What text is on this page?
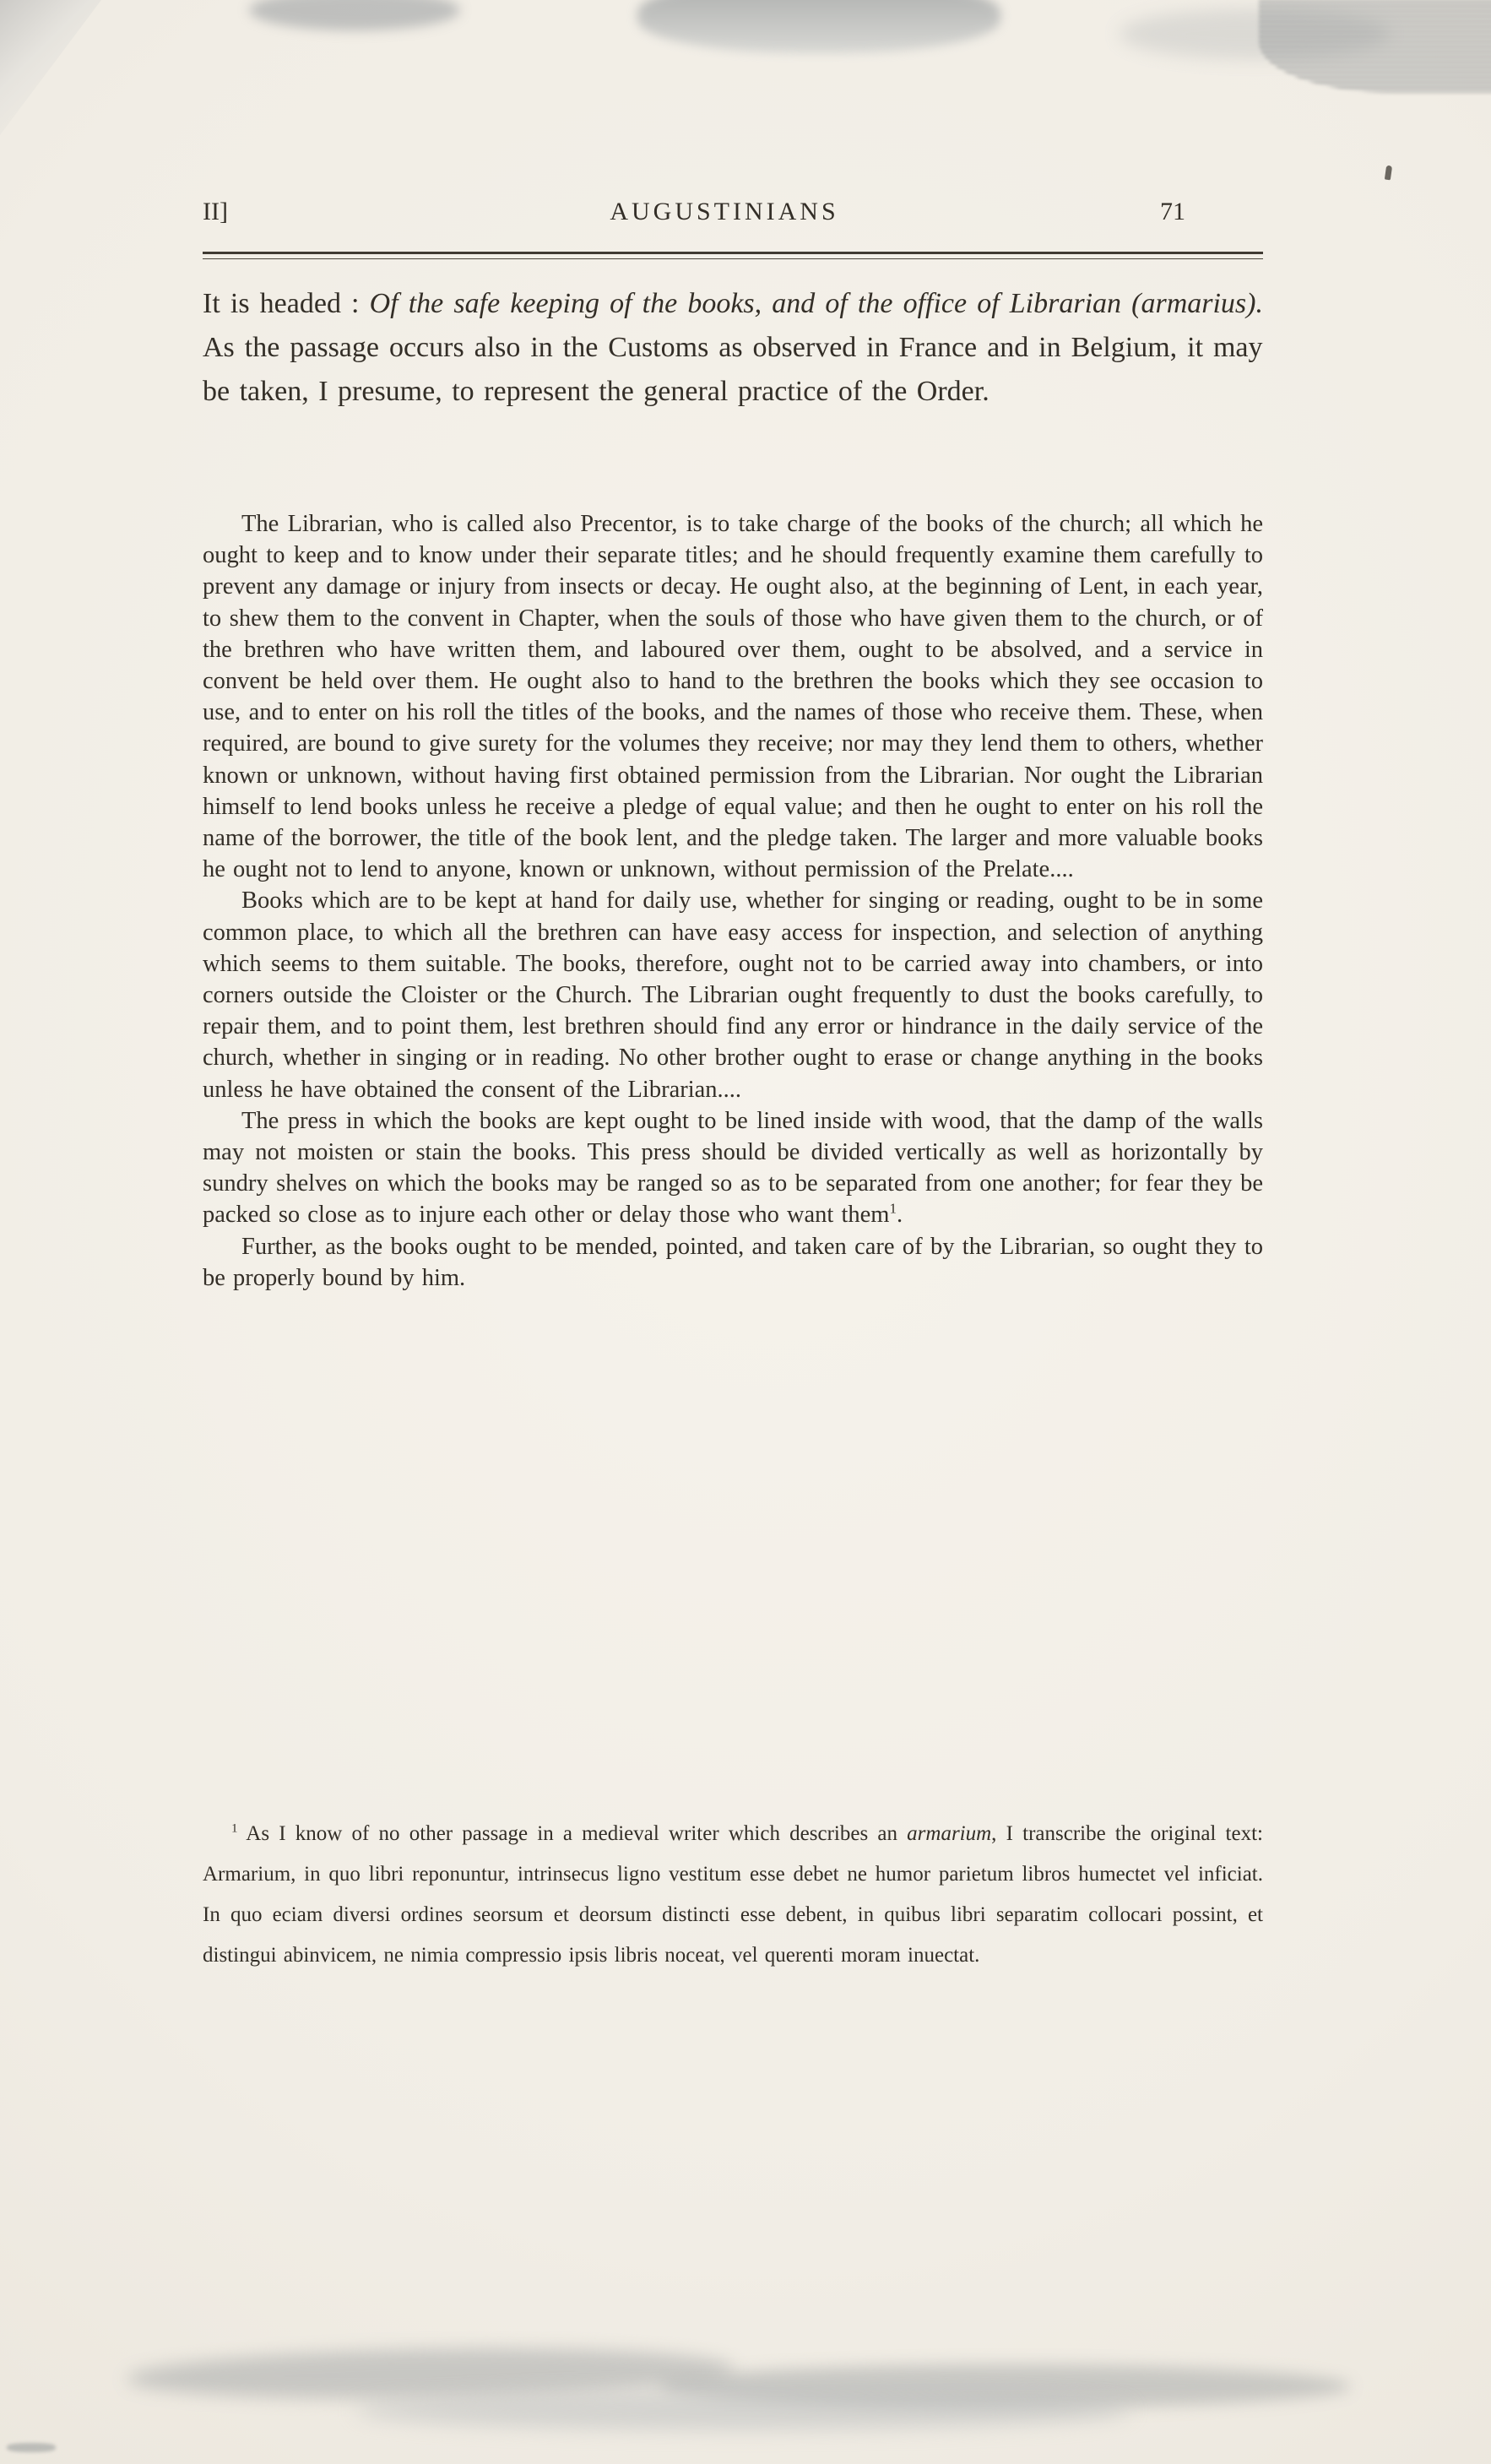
II]	AUGUSTINIANS	71

It is headed : Of the safe keeping of the books, and of the office of Librarian (armarius). As the passage occurs also in the Customs as observed in France and in Belgium, it may be taken, I presume, to represent the general practice of the Order.

The Librarian, who is called also Precentor, is to take charge of the books of the church; all which he ought to keep and to know under their separate titles; and he should frequently examine them carefully to prevent any damage or injury from insects or decay. He ought also, at the beginning of Lent, in each year, to shew them to the convent in Chapter, when the souls of those who have given them to the church, or of the brethren who have written them, and laboured over them, ought to be absolved, and a service in convent be held over them. He ought also to hand to the brethren the books which they see occasion to use, and to enter on his roll the titles of the books, and the names of those who receive them. These, when required, are bound to give surety for the volumes they receive; nor may they lend them to others, whether known or unknown, without having first obtained permission from the Librarian. Nor ought the Librarian himself to lend books unless he receive a pledge of equal value; and then he ought to enter on his roll the name of the borrower, the title of the book lent, and the pledge taken. The larger and more valuable books he ought not to lend to anyone, known or unknown, without permission of the Prelate....

Books which are to be kept at hand for daily use, whether for singing or reading, ought to be in some common place, to which all the brethren can have easy access for inspection, and selection of anything which seems to them suitable. The books, therefore, ought not to be carried away into chambers, or into corners outside the Cloister or the Church. The Librarian ought frequently to dust the books carefully, to repair them, and to point them, lest brethren should find any error or hindrance in the daily service of the church, whether in singing or in reading. No other brother ought to erase or change anything in the books unless he have obtained the consent of the Librarian....

The press in which the books are kept ought to be lined inside with wood, that the damp of the walls may not moisten or stain the books. This press should be divided vertically as well as horizontally by sundry shelves on which the books may be ranged so as to be separated from one another; for fear they be packed so close as to injure each other or delay those who want them$^1$.

Further, as the books ought to be mended, pointed, and taken care of by the Librarian, so ought they to be properly bound by him.

$^1$ As I know of no other passage in a medieval writer which describes an armarium, I transcribe the original text: Armarium, in quo libri reponuntur, intrinsecus ligno vestitum esse debet ne humor parietum libros humectet vel inficiat. In quo eciam diversi ordines seorsum et deorsum distincti esse debent, in quibus libri separatim collocari possint, et distingui abinvicem, ne nimia compressio ipsis libris noceat, vel querenti moram inuectat.
